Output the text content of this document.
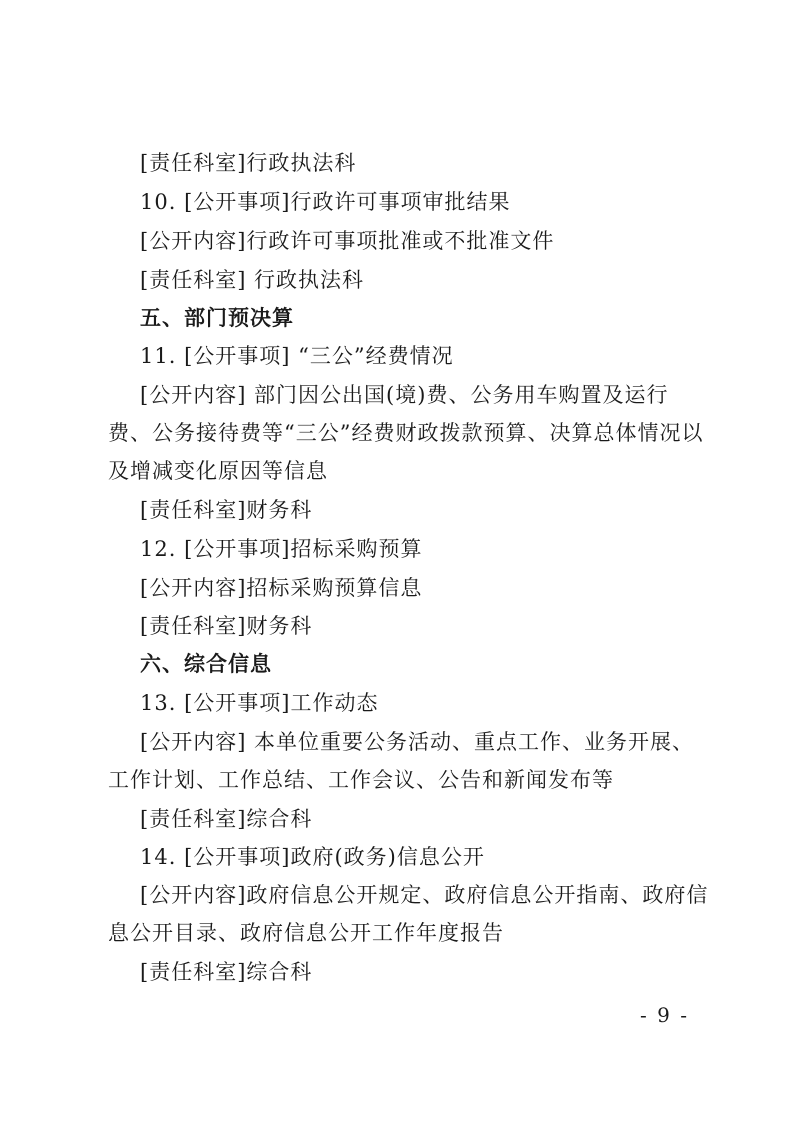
[责任科室]行政执法科
10. [公开事项]行政许可事项审批结果
[公开内容]行政许可事项批准或不批准文件
[责任科室] 行政执法科
五、部门预决算
11. [公开事项] “三公”经费情况
[公开内容] 部门因公出国(境)费、公务用车购置及运行
费、公务接待费等“三公”经费财政拨款预算、决算总体情况以
及增减变化原因等信息
[责任科室]财务科
12. [公开事项]招标采购预算
[公开内容]招标采购预算信息
[责任科室]财务科
六、综合信息
13. [公开事项]工作动态
[公开内容] 本单位重要公务活动、重点工作、业务开展、
工作计划、工作总结、工作会议、公告和新闻发布等
[责任科室]综合科
14. [公开事项]政府(政务)信息公开
[公开内容]政府信息公开规定、政府信息公开指南、政府信
息公开目录、政府信息公开工作年度报告
[责任科室]综合科
- 9 -
